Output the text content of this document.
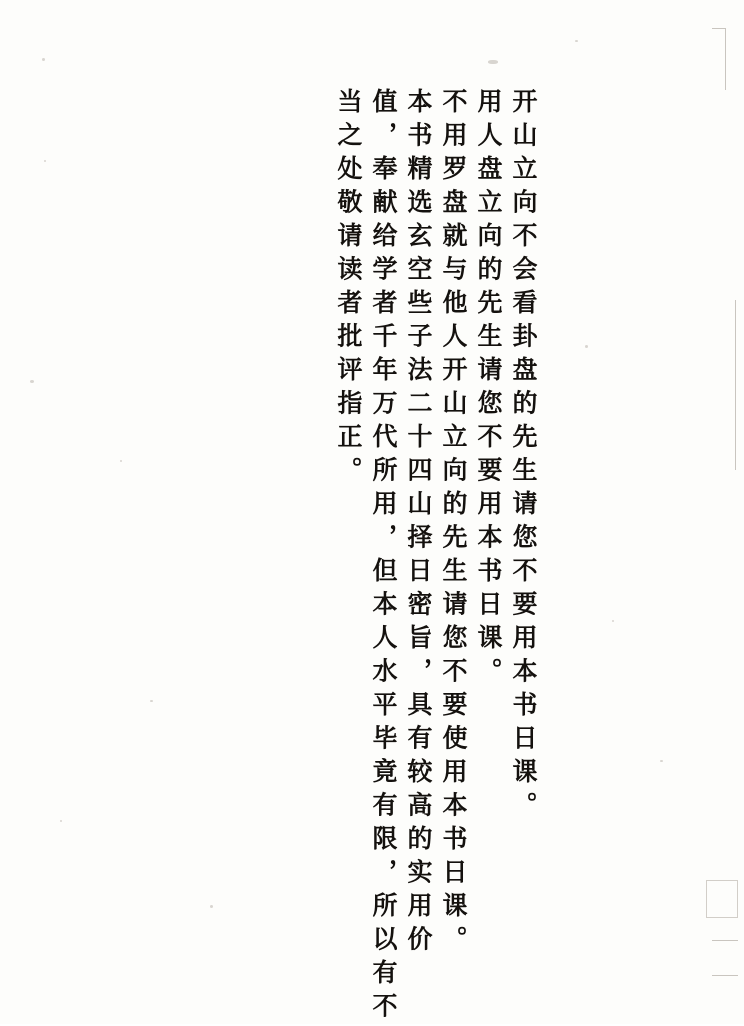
开山立向不会看卦盘的先生请您不要用本书日课。
用人盘立向的先生请您不要用本书日课。
不用罗盘就与他人开山立向的先生请您不要使用本书日课。
本书精选玄空些子法二十四山择日密旨，具有较高的实用价
值，奉献给学者千年万代所用，但本人水平毕竟有限，所以有不
当之处敬请读者批评指正。
